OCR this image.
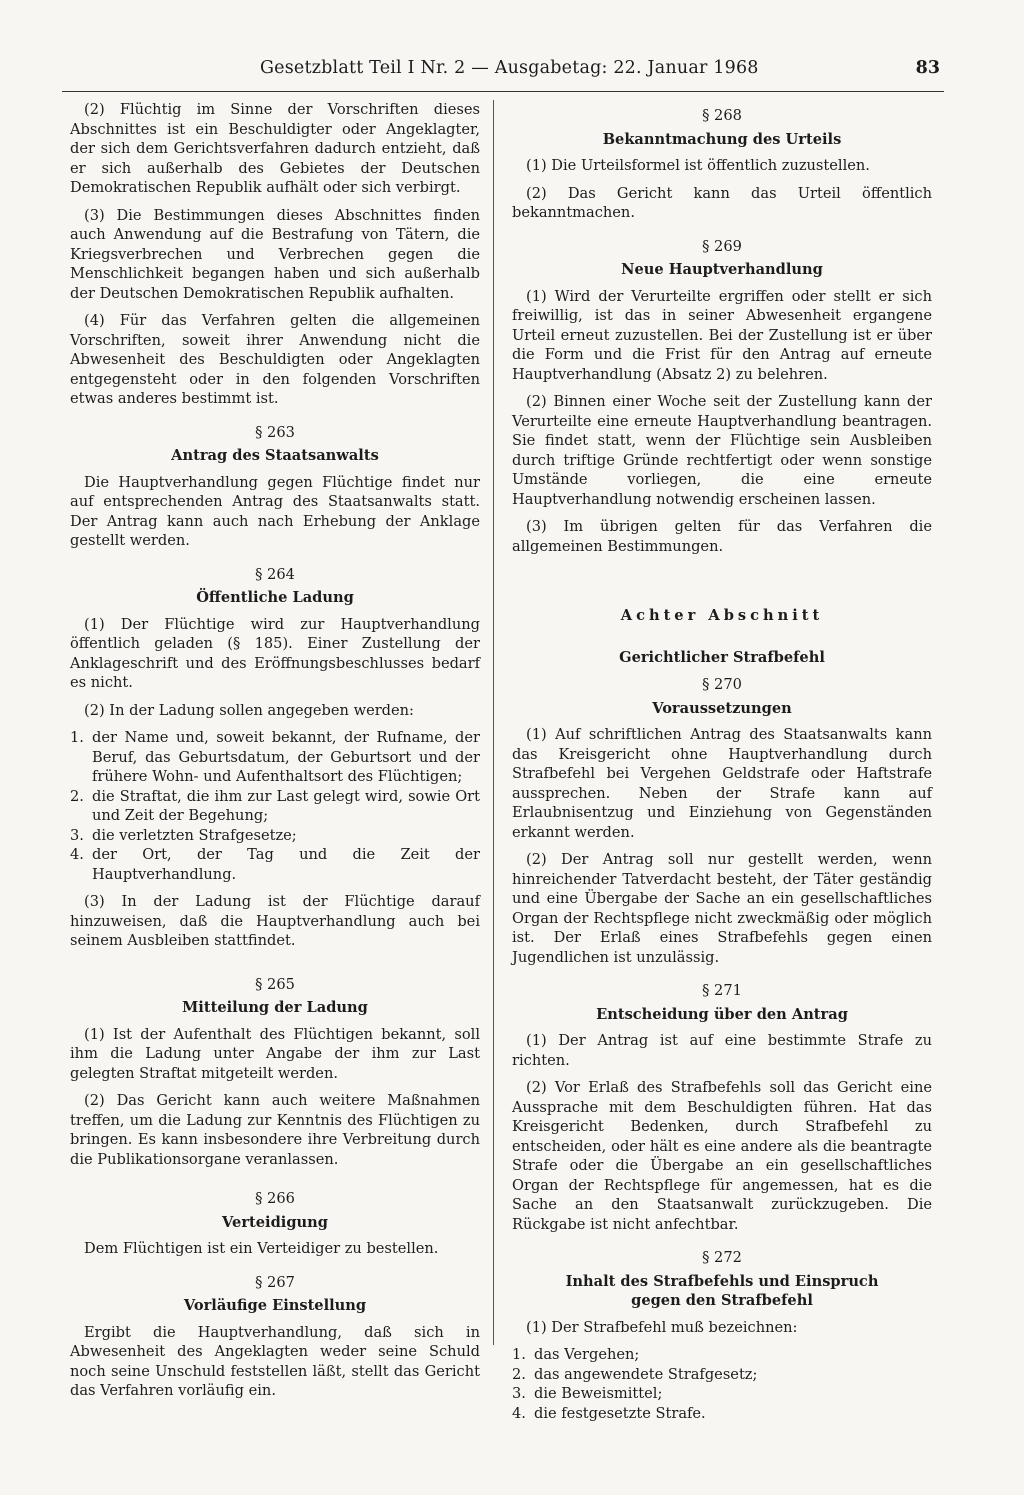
Gesetzblatt Teil I Nr. 2 — Ausgabetag: 22. Januar 1968	83

(2) Flüchtig im Sinne der Vorschriften dieses Abschnittes ist ein Beschuldigter oder Angeklagter, der sich dem Gerichtsverfahren dadurch entzieht, daß er sich außerhalb des Gebietes der Deutschen Demokratischen Republik aufhält oder sich verbirgt.

(3) Die Bestimmungen dieses Abschnittes finden auch Anwendung auf die Bestrafung von Tätern, die Kriegsverbrechen und Verbrechen gegen die Menschlichkeit begangen haben und sich außerhalb der Deutschen Demokratischen Republik aufhalten.

(4) Für das Verfahren gelten die allgemeinen Vorschriften, soweit ihrer Anwendung nicht die Abwesenheit des Beschuldigten oder Angeklagten entgegensteht oder in den folgenden Vorschriften etwas anderes bestimmt ist.

§ 263
Antrag des Staatsanwalts

Die Hauptverhandlung gegen Flüchtige findet nur auf entsprechenden Antrag des Staatsanwalts statt. Der Antrag kann auch nach Erhebung der Anklage gestellt werden.

§ 264
Öffentliche Ladung

(1) Der Flüchtige wird zur Hauptverhandlung öffentlich geladen (§ 185). Einer Zustellung der Anklageschrift und des Eröffnungsbeschlusses bedarf es nicht.

(2) In der Ladung sollen angegeben werden:

1. der Name und, soweit bekannt, der Rufname, der Beruf, das Geburtsdatum, der Geburtsort und der frühere Wohn- und Aufenthaltsort des Flüchtigen;
2. die Straftat, die ihm zur Last gelegt wird, sowie Ort und Zeit der Begehung;
3. die verletzten Strafgesetze;
4. der Ort, der Tag und die Zeit der Hauptverhandlung.

(3) In der Ladung ist der Flüchtige darauf hinzuweisen, daß die Hauptverhandlung auch bei seinem Ausbleiben stattfindet.

§ 265
Mitteilung der Ladung

(1) Ist der Aufenthalt des Flüchtigen bekannt, soll ihm die Ladung unter Angabe der ihm zur Last gelegten Straftat mitgeteilt werden.

(2) Das Gericht kann auch weitere Maßnahmen treffen, um die Ladung zur Kenntnis des Flüchtigen zu bringen. Es kann insbesondere ihre Verbreitung durch die Publikationsorgane veranlassen.

§ 266
Verteidigung

Dem Flüchtigen ist ein Verteidiger zu bestellen.

§ 267
Vorläufige Einstellung

Ergibt die Hauptverhandlung, daß sich in Abwesenheit des Angeklagten weder seine Schuld noch seine Unschuld feststellen läßt, stellt das Gericht das Verfahren vorläufig ein.

§ 268
Bekanntmachung des Urteils

(1) Die Urteilsformel ist öffentlich zuzustellen.

(2) Das Gericht kann das Urteil öffentlich bekanntmachen.

§ 269
Neue Hauptverhandlung

(1) Wird der Verurteilte ergriffen oder stellt er sich freiwillig, ist das in seiner Abwesenheit ergangene Urteil erneut zuzustellen. Bei der Zustellung ist er über die Form und die Frist für den Antrag auf erneute Hauptverhandlung (Absatz 2) zu belehren.

(2) Binnen einer Woche seit der Zustellung kann der Verurteilte eine erneute Hauptverhandlung beantragen. Sie findet statt, wenn der Flüchtige sein Ausbleiben durch triftige Gründe rechtfertigt oder wenn sonstige Umstände vorliegen, die eine erneute Hauptverhandlung notwendig erscheinen lassen.

(3) Im übrigen gelten für das Verfahren die allgemeinen Bestimmungen.

Achter Abschnitt
Gerichtlicher Strafbefehl
§ 270
Voraussetzungen

(1) Auf schriftlichen Antrag des Staatsanwalts kann das Kreisgericht ohne Hauptverhandlung durch Strafbefehl bei Vergehen Geldstrafe oder Haftstrafe aussprechen. Neben der Strafe kann auf Erlaubnisentzug und Einziehung von Gegenständen erkannt werden.

(2) Der Antrag soll nur gestellt werden, wenn hinreichender Tatverdacht besteht, der Täter geständig und eine Übergabe der Sache an ein gesellschaftliches Organ der Rechtspflege nicht zweckmäßig oder möglich ist. Der Erlaß eines Strafbefehls gegen einen Jugendlichen ist unzulässig.

§ 271
Entscheidung über den Antrag

(1) Der Antrag ist auf eine bestimmte Strafe zu richten.

(2) Vor Erlaß des Strafbefehls soll das Gericht eine Aussprache mit dem Beschuldigten führen. Hat das Kreisgericht Bedenken, durch Strafbefehl zu entscheiden, oder hält es eine andere als die beantragte Strafe oder die Übergabe an ein gesellschaftliches Organ der Rechtspflege für angemessen, hat es die Sache an den Staatsanwalt zurückzugeben. Die Rückgabe ist nicht anfechtbar.

§ 272
Inhalt des Strafbefehls und Einspruch
gegen den Strafbefehl

(1) Der Strafbefehl muß bezeichnen:

1. das Vergehen;
2. das angewendete Strafgesetz;
3. die Beweismittel;
4. die festgesetzte Strafe.
